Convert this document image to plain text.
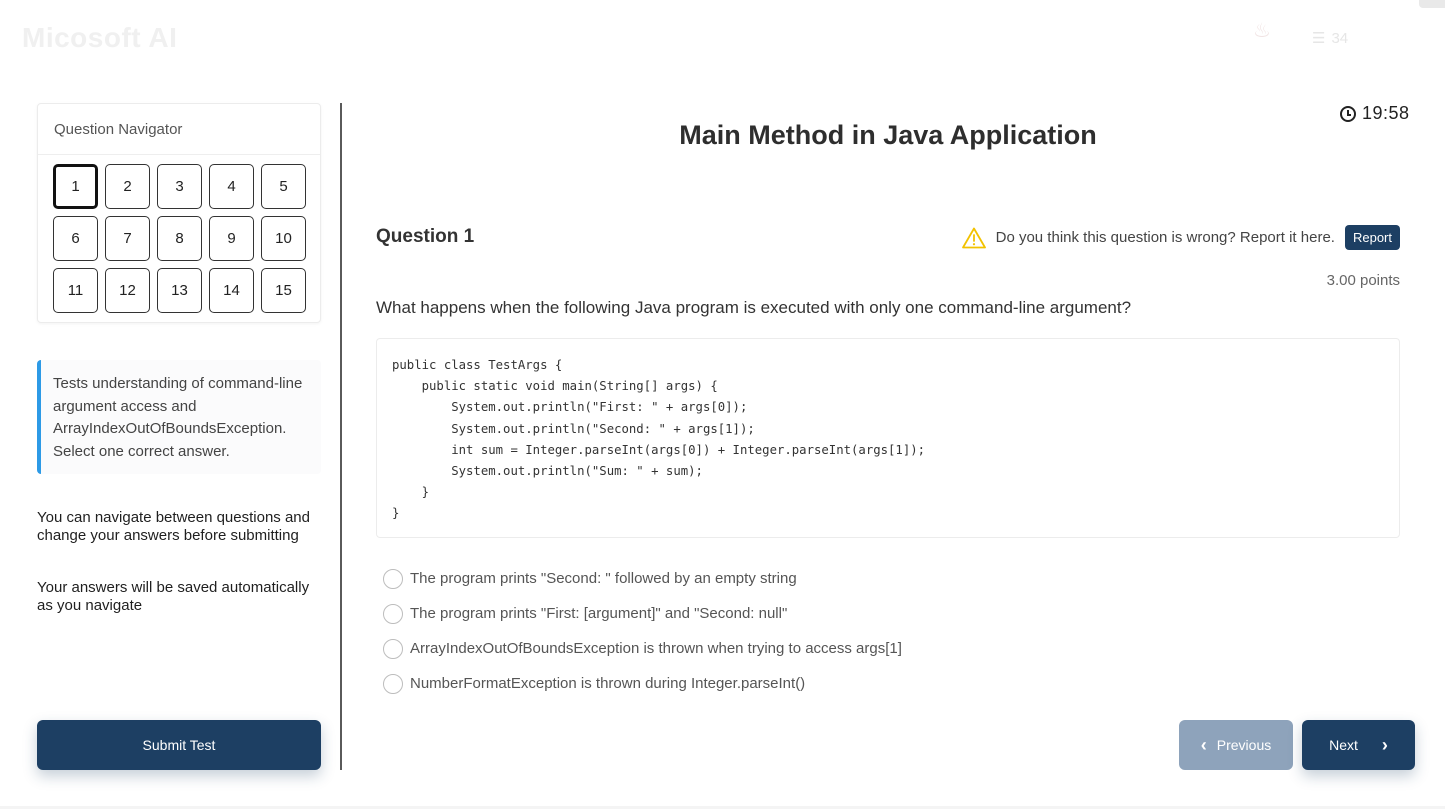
Micosoft AI	♨	☰ 34
Question Navigator
1	2	3	4	5
6	7	8	9	10
11	12	13	14	15
Tests understanding of command-line argument access and ArrayIndexOutOfBoundsException. Select one correct answer.
You can navigate between questions and change your answers before submitting
Your answers will be saved automatically as you navigate
Submit Test
19:58
Main Method in Java Application
Question 1	Do you think this question is wrong? Report it here.	Report
3.00 points
What happens when the following Java program is executed with only one command-line argument?
public class TestArgs {
public static void main(String[] args) {
System.out.println("First: " + args[0]);
System.out.println("Second: " + args[1]);
int sum = Integer.parseInt(args[0]) + Integer.parseInt(args[1]);
System.out.println("Sum: " + sum);
}
}
The program prints "Second: " followed by an empty string
The program prints "First: [argument]" and "Second: null"
ArrayIndexOutOfBoundsException is thrown when trying to access args[1]
NumberFormatException is thrown during Integer.parseInt()
‹ Previous	Next ›
